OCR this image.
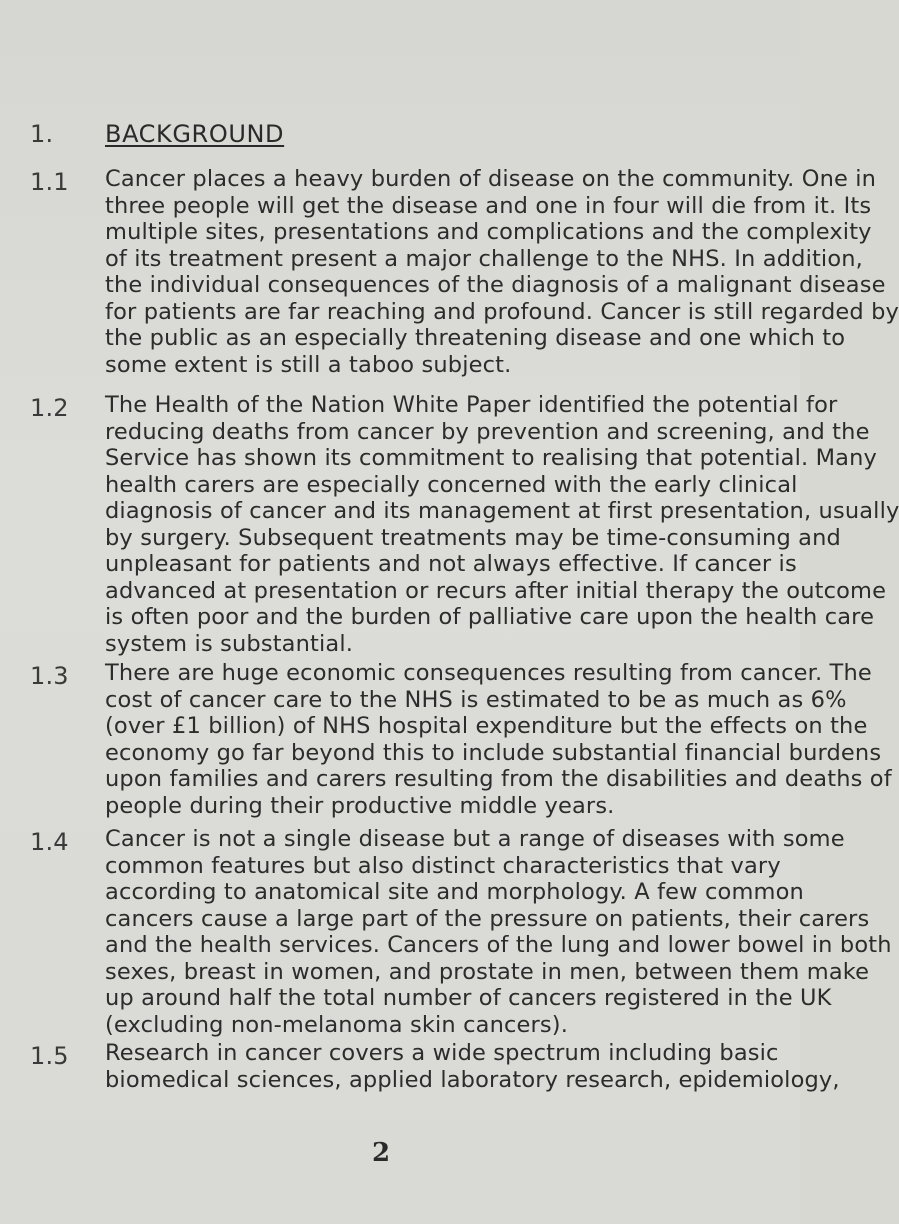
1.	BACKGROUND
1.1	Cancer places a heavy burden of disease on the community. One in
three people will get the disease and one in four will die from it. Its
multiple sites, presentations and complications and the complexity
of its treatment present a major challenge to the NHS. In addition,
the individual consequences of the diagnosis of a malignant disease
for patients are far reaching and profound. Cancer is still regarded by
the public as an especially threatening disease and one which to
some extent is still a taboo subject.

1.2	The Health of the Nation White Paper identified the potential for
reducing deaths from cancer by prevention and screening, and the
Service has shown its commitment to realising that potential. Many
health carers are especially concerned with the early clinical
diagnosis of cancer and its management at first presentation, usually
by surgery. Subsequent treatments may be time-consuming and
unpleasant for patients and not always effective. If cancer is
advanced at presentation or recurs after initial therapy the outcome
is often poor and the burden of palliative care upon the health care
system is substantial.

1.3	There are huge economic consequences resulting from cancer. The
cost of cancer care to the NHS is estimated to be as much as 6%
(over £1 billion) of NHS hospital expenditure but the effects on the
economy go far beyond this to include substantial financial burdens
upon families and carers resulting from the disabilities and deaths of
people during their productive middle years.

1.4	Cancer is not a single disease but a range of diseases with some
common features but also distinct characteristics that vary
according to anatomical site and morphology. A few common
cancers cause a large part of the pressure on patients, their carers
and the health services. Cancers of the lung and lower bowel in both
sexes, breast in women, and prostate in men, between them make
up around half the total number of cancers registered in the UK
(excluding non-melanoma skin cancers).

1.5	Research in cancer covers a wide spectrum including basic
biomedical sciences, applied laboratory research, epidemiology,

2
